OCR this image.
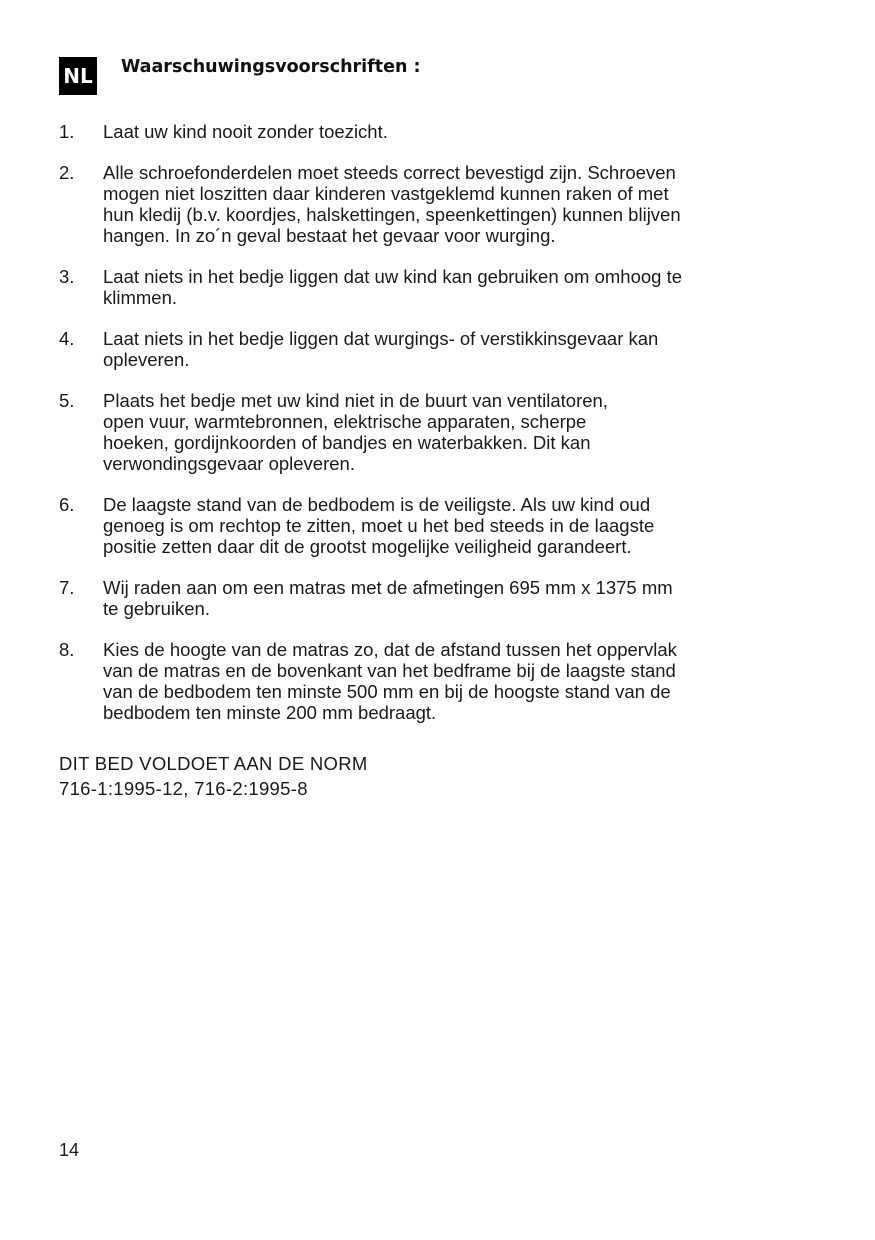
NL Waarschuwingsvoorschriften :
1.	Laat uw kind nooit zonder toezicht.
2.	Alle schroefonderdelen moet steeds correct bevestigd zijn. Schroeven
mogen niet loszitten daar kinderen vastgeklemd kunnen raken of met
hun kledij (b.v. koordjes, halskettingen, speenkettingen) kunnen blijven
hangen. In zo´n geval bestaat het gevaar voor wurging.
3.	Laat niets in het bedje liggen dat uw kind kan gebruiken om omhoog te
klimmen.
4.	Laat niets in het bedje liggen dat wurgings- of verstikkinsgevaar kan
opleveren.
5.	Plaats het bedje met uw kind niet in de buurt van ventilatoren,
open vuur, warmtebronnen, elektrische apparaten, scherpe
hoeken, gordijnkoorden of bandjes en waterbakken. Dit kan
verwondingsgevaar opleveren.
6.	De laagste stand van de bedbodem is de veiligste. Als uw kind oud
genoeg is om rechtop te zitten, moet u het bed steeds in de laagste
positie zetten daar dit de grootst mogelijke veiligheid garandeert.
7.	Wij raden aan om een matras met de afmetingen 695 mm x 1375 mm
te gebruiken.
8.	Kies de hoogte van de matras zo, dat de afstand tussen het oppervlak
van de matras en de bovenkant van het bedframe bij de laagste stand
van de bedbodem ten minste 500 mm en bij de hoogste stand van de
bedbodem ten minste 200 mm bedraagt.
DIT BED VOLDOET AAN DE NORM
716-1:1995-12, 716-2:1995-8
14
